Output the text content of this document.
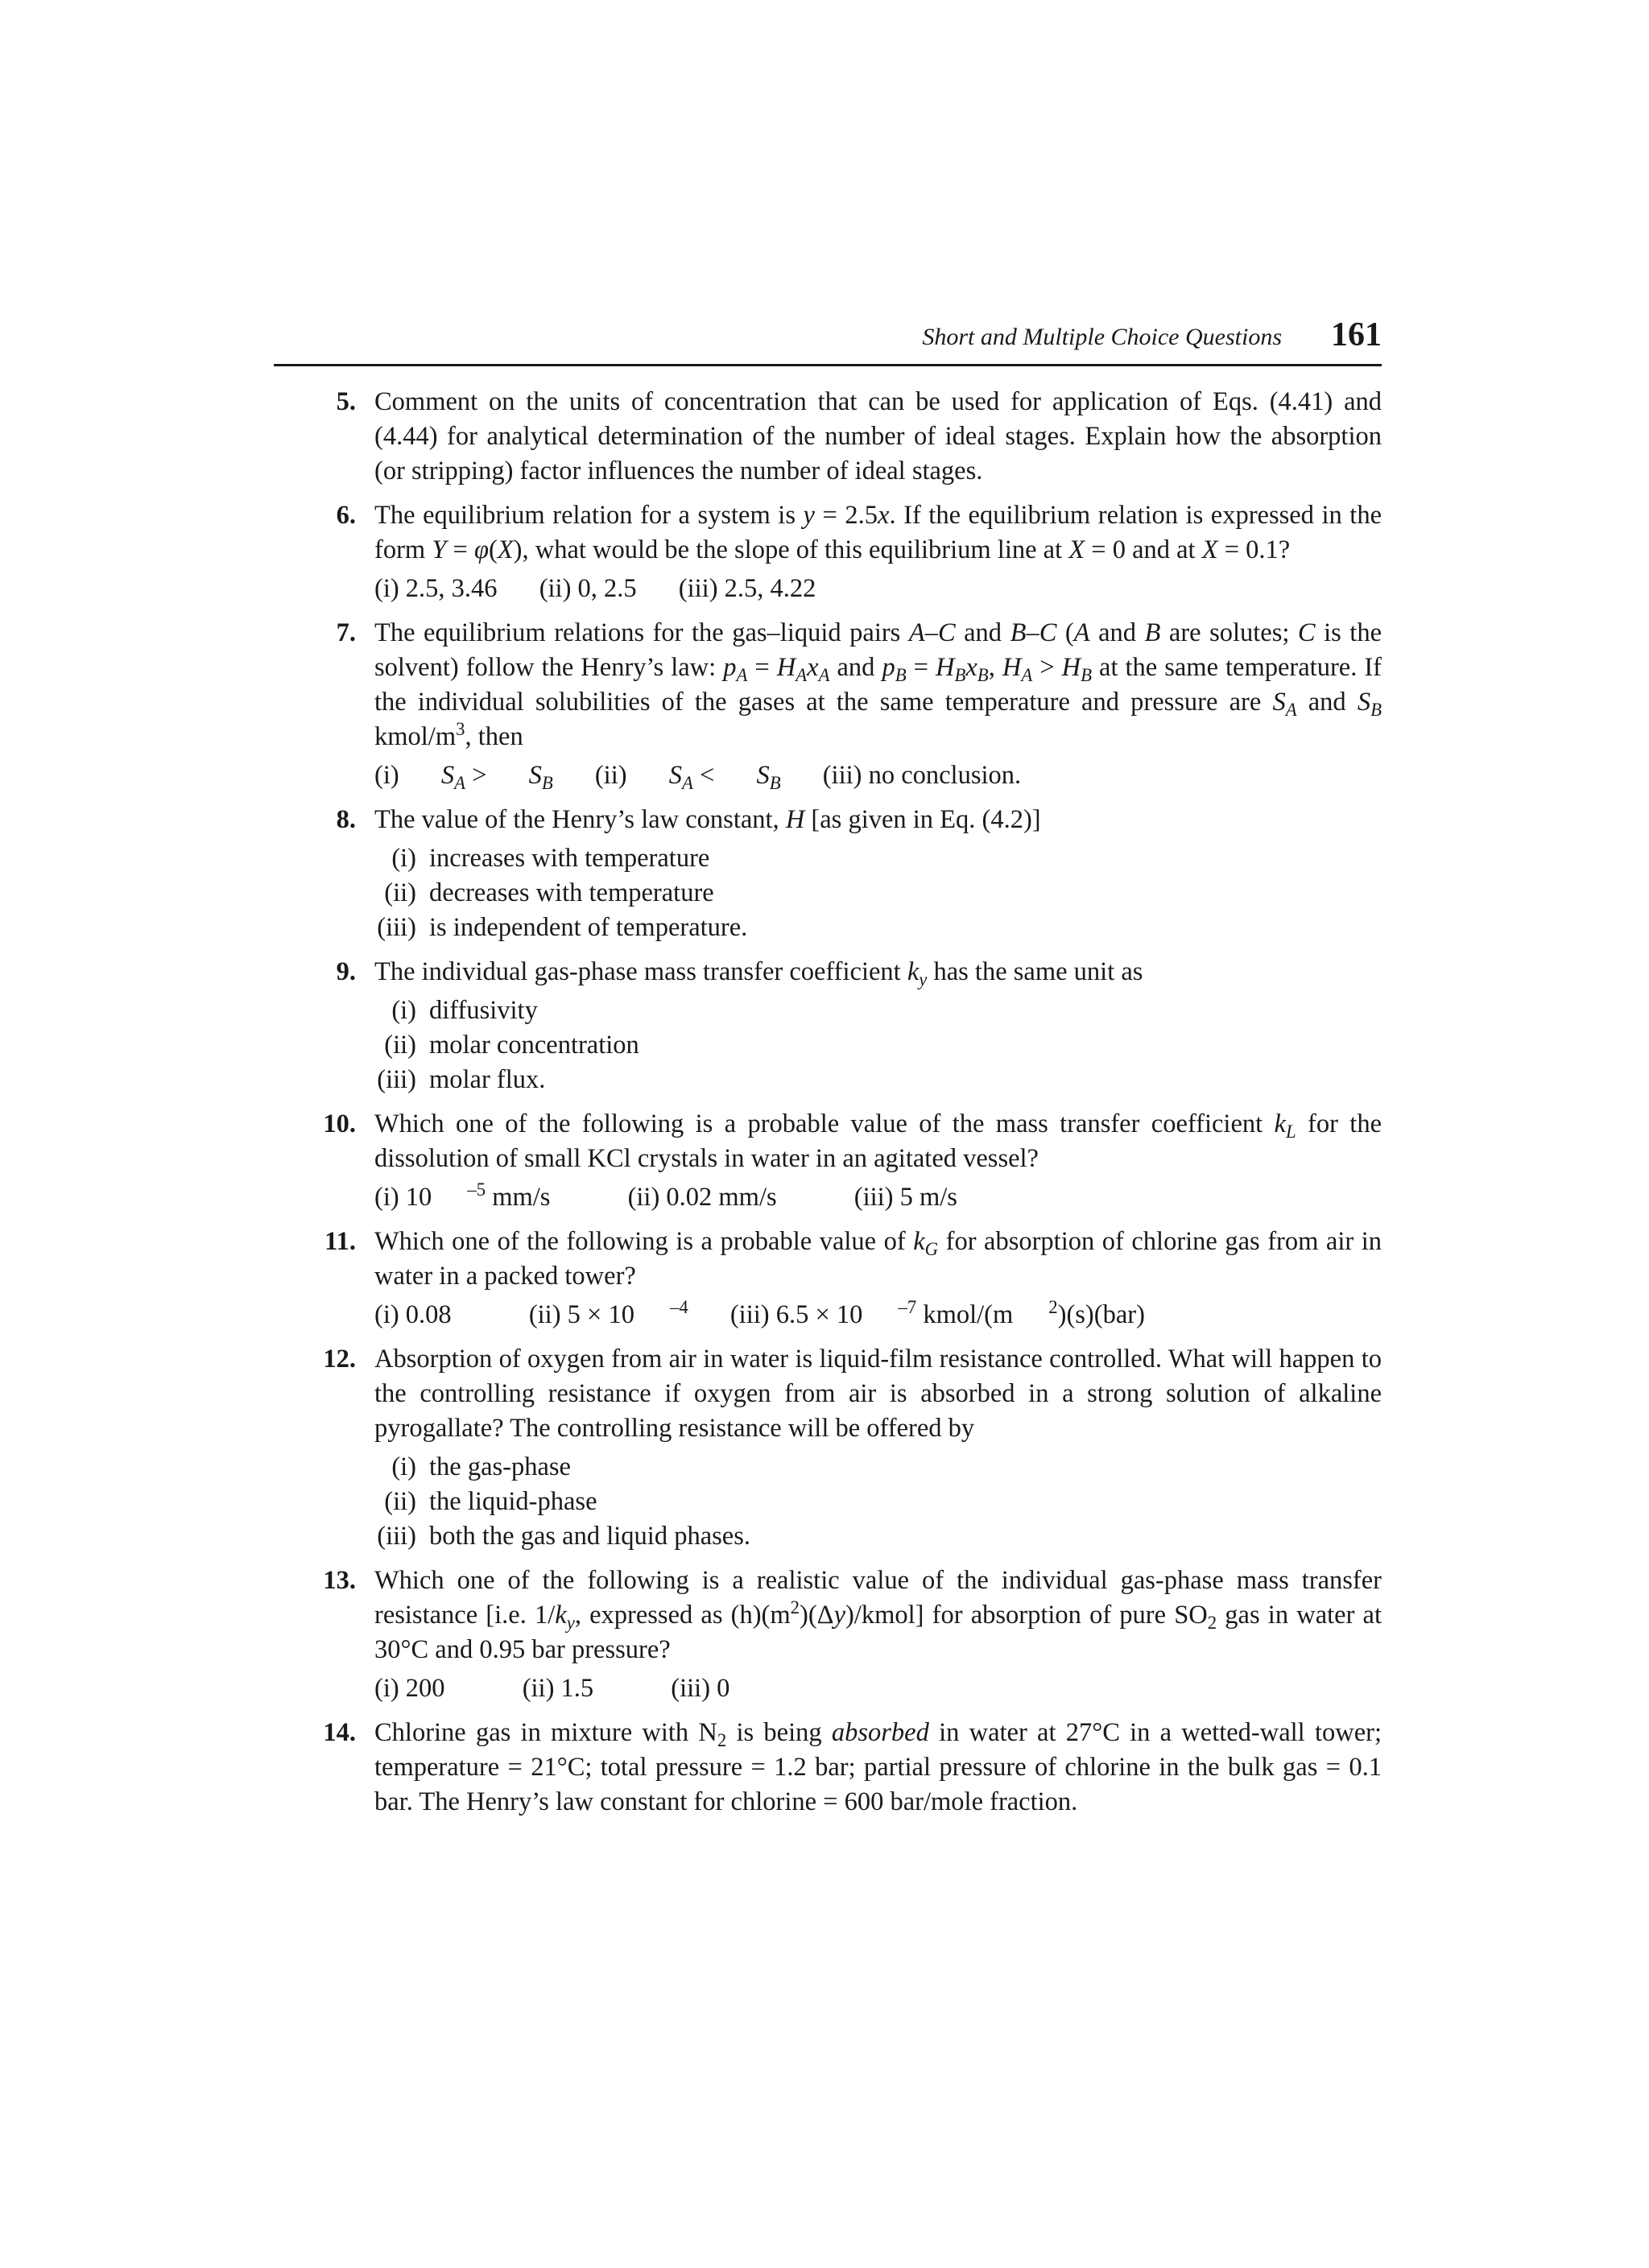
Short and Multiple Choice Questions 161
5. Comment on the units of concentration that can be used for application of Eqs. (4.41) and (4.44) for analytical determination of the number of ideal stages. Explain how the absorption (or stripping) factor influences the number of ideal stages.

6. The equilibrium relation for a system is y = 2.5x. If the equilibrium relation is expressed in the form Y = φ(X), what would be the slope of this equilibrium line at X = 0 and at X = 0.1?

(i) 2.5, 3.46 (ii) 0, 2.5 (iii) 2.5, 4.22
7. The equilibrium relations for the gas–liquid pairs A–C and B–C (A and B are solutes; C is the solvent) follow the Henry’s law: $p_A = H_Ax_A$ and $p_B = H_Bx_B$, $H_A > H_B$ at the same temperature. If the individual solubilities of the gases at the same temperature and pressure are $S_A$ and $S_B$ kmol/$m^3$, then

(i) $S_A > S_B$ (ii) $S_A < S_B$ (iii) no conclusion.
8. The value of the Henry’s law constant, H [as given in Eq. (4.2)]

(i) increases with temperature
(ii) decreases with temperature
(iii) is independent of temperature.
9. The individual gas-phase mass transfer coefficient $k_y$ has the same unit as

(i) diffusivity
(ii) molar concentration
(iii) molar flux.
10. Which one of the following is a probable value of the mass transfer coefficient $k_L$ for the dissolution of small KCl crystals in water in an agitated vessel?

(i) 10 $^{-5}$ mm/s	(ii) 0.02 mm/s	(iii) 5 m/s
11. Which one of the following is a probable value of $k_G$ for absorption of chlorine gas from air in water in a packed tower?

(i) 0.08	(ii) 5 × 10 $^{-4}$ (iii) 6.5 × 10 $^{-7}$ kmol/(m $^2$)(s)(bar)
12. Absorption of oxygen from air in water is liquid-film resistance controlled. What will happen to the controlling resistance if oxygen from air is absorbed in a strong solution of alkaline pyrogallate? The controlling resistance will be offered by

(i) the gas-phase
(ii) the liquid-phase
(iii) both the gas and liquid phases.
13. Which one of the following is a realistic value of the individual gas-phase mass transfer resistance [i.e. $1/k_y$, expressed as $(h)(m^2)(\Delta y)/kmol$] for absorption of pure $SO_2$ gas in water at 30°C and 0.95 bar pressure?

(i) 200	(ii) 1.5	(iii) 0
14. Chlorine gas in mixture with $N_2$ is being absorbed in water at 27°C in a wetted-wall tower; temperature = 21°C; total pressure = 1.2 bar; partial pressure of chlorine in the bulk gas = 0.1 bar. The Henry’s law constant for chlorine = 600 bar/mole fraction.
